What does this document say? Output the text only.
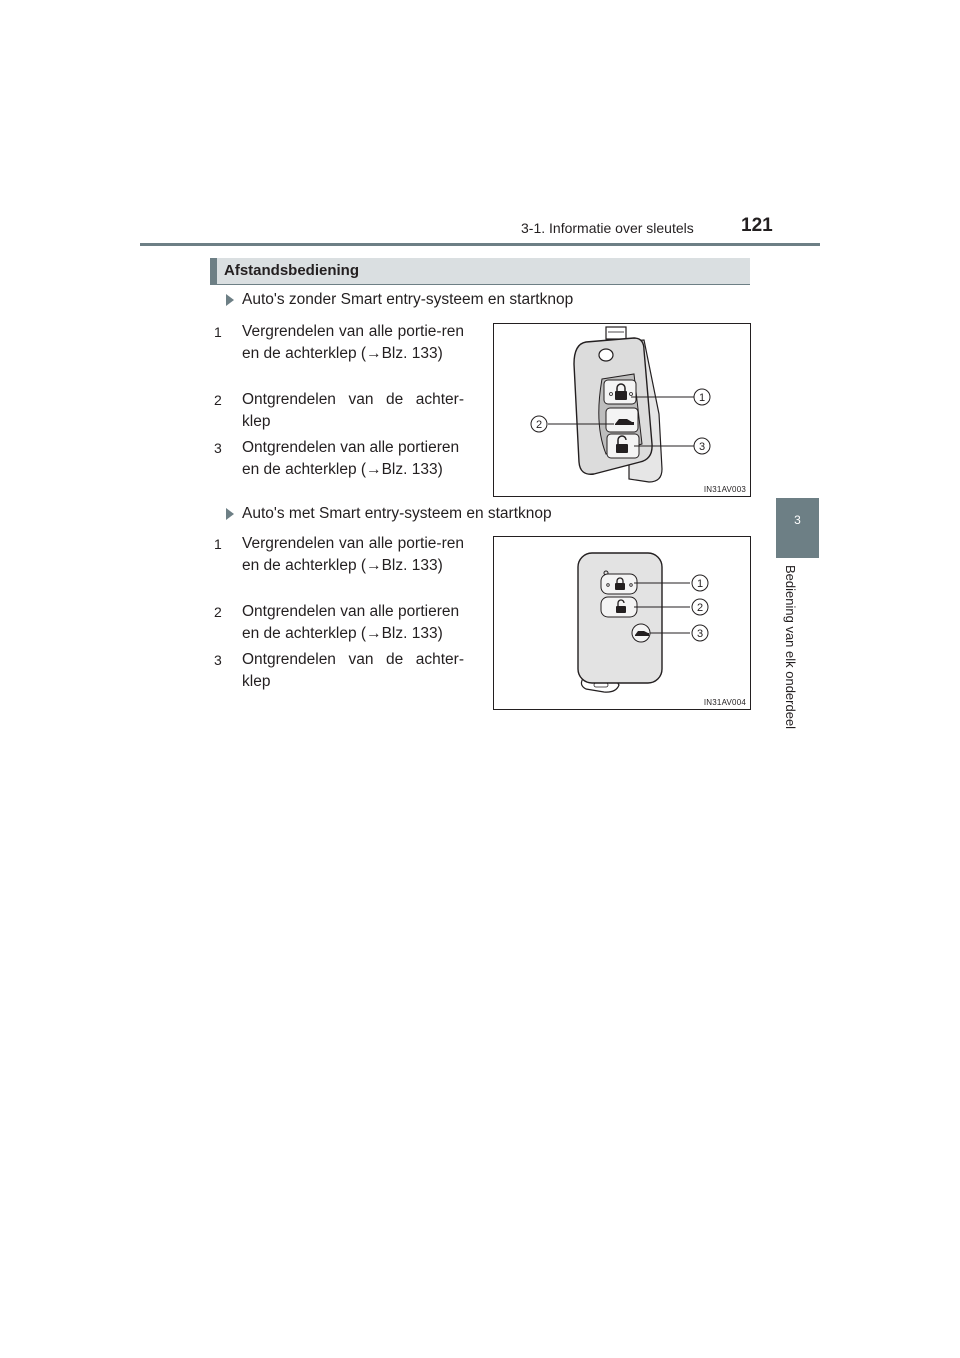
3-1. Informatie over sleutels 121
3
Bediening van elk onderdeel
Afstandsbediening
Auto's zonder Smart entry-systeem en startknop
1 Vergrendelen van alle portie-ren en de achterklep (→Blz. 133)
2 Ontgrendelen van de achter-klep
3 Ontgrendelen van alle portieren en de achterklep (→Blz. 133)
1
2
3
IN31AV003
Auto's met Smart entry-systeem en startknop
1 Vergrendelen van alle portie-ren en de achterklep (→Blz. 133)
2 Ontgrendelen van alle portieren en de achterklep (→Blz. 133)
3 Ontgrendelen van de achter-klep
1
2
3
IN31AV004
